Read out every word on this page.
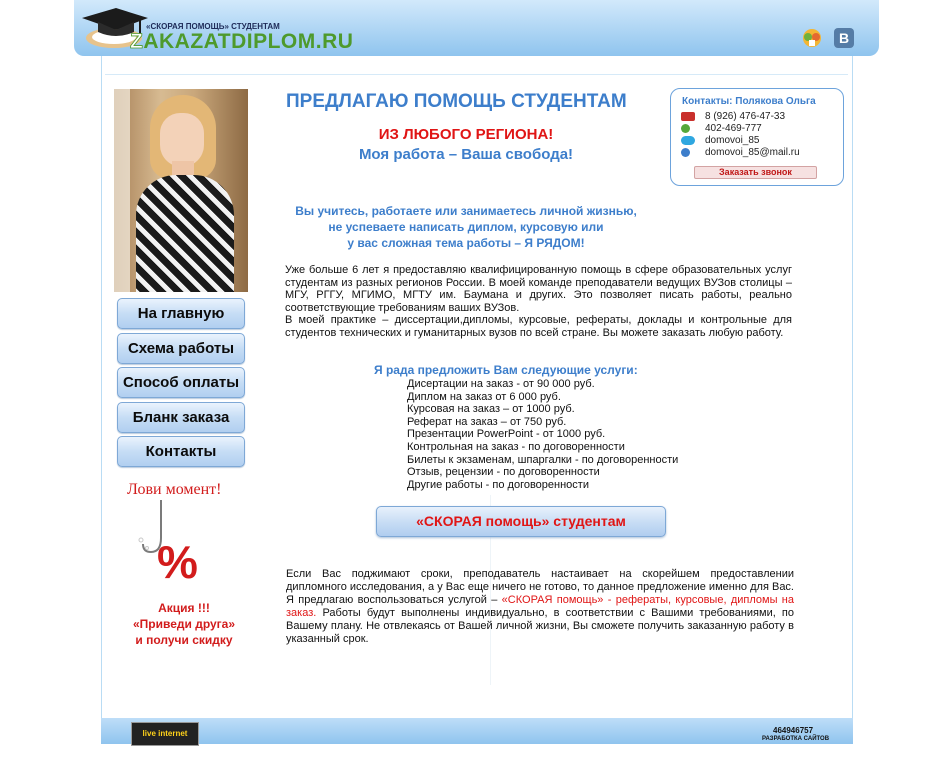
«СКОРАЯ ПОМОЩЬ» СТУДЕНТАМ
ZAKAZATDIPLOM.RU	B
На главную
Схема работы
Способ оплаты
Бланк заказа
Контакты
Лови момент!
%
Акция !!!
«Приведи друга»
и получи скидку
ПРЕДЛАГАЮ ПОМОЩЬ СТУДЕНТАМ
ИЗ ЛЮБОГО РЕГИОНА!
Моя работа – Ваша свобода!
Контакты: Полякова Ольга
8 (926) 476-47-33
402-469-777
domovoi_85
domovoi_85@mail.ru
Заказать звонок
Вы учитесь, работаете или занимаетесь личной жизнью,
не успеваете написать диплом, курсовую или
у вас сложная тема работы – Я РЯДОМ!
Уже больше 6 лет я предоставляю квалифицированную помощь в сфере образовательных услуг студентам из разных регионов России. В моей команде преподаватели ведущих ВУЗов столицы – МГУ, РГГУ, МГИМО, МГТУ им. Баумана и других. Это позволяет писать работы, реально соответствующие требованиям ваших ВУЗов.
В моей практике – диссертации,дипломы, курсовые, рефераты, доклады и контрольные для студентов технических и гуманитарных вузов по всей стране. Вы можете заказать любую работу.
Я рада предложить Вам следующие услуги:
Дисертации на заказ - от 90 000 руб.
Диплом на заказ от 6 000 руб.
Курсовая на заказ – от 1000 руб.
Реферат на заказ – от 750 руб.
Презентации PowerPoint - от 1000 руб.
Контрольная на заказ - по договоренности
Билеты к экзаменам, шпаргалки - по договоренности
Отзыв, рецензии - по договоренности
Другие работы - по договоренности
«СКОРАЯ помощь» студентам
Если Вас поджимают сроки, преподаватель настаивает на скорейшем предоставлении дипломного исследования, а у Вас еще ничего не готово, то данное предложение именно для Вас. Я предлагаю воспользоваться услугой – «СКОРАЯ помощь» - рефераты, курсовые, дипломы на заказ. Работы будут выполнены индивидуально, в соответствии с Вашими требованиями, по Вашему плану. Не отвлекаясь от Вашей личной жизни, Вы сможете получить заказанную работу в указанный срок.
live internet	464946757
РАЗРАБОТКА САЙТОВ
